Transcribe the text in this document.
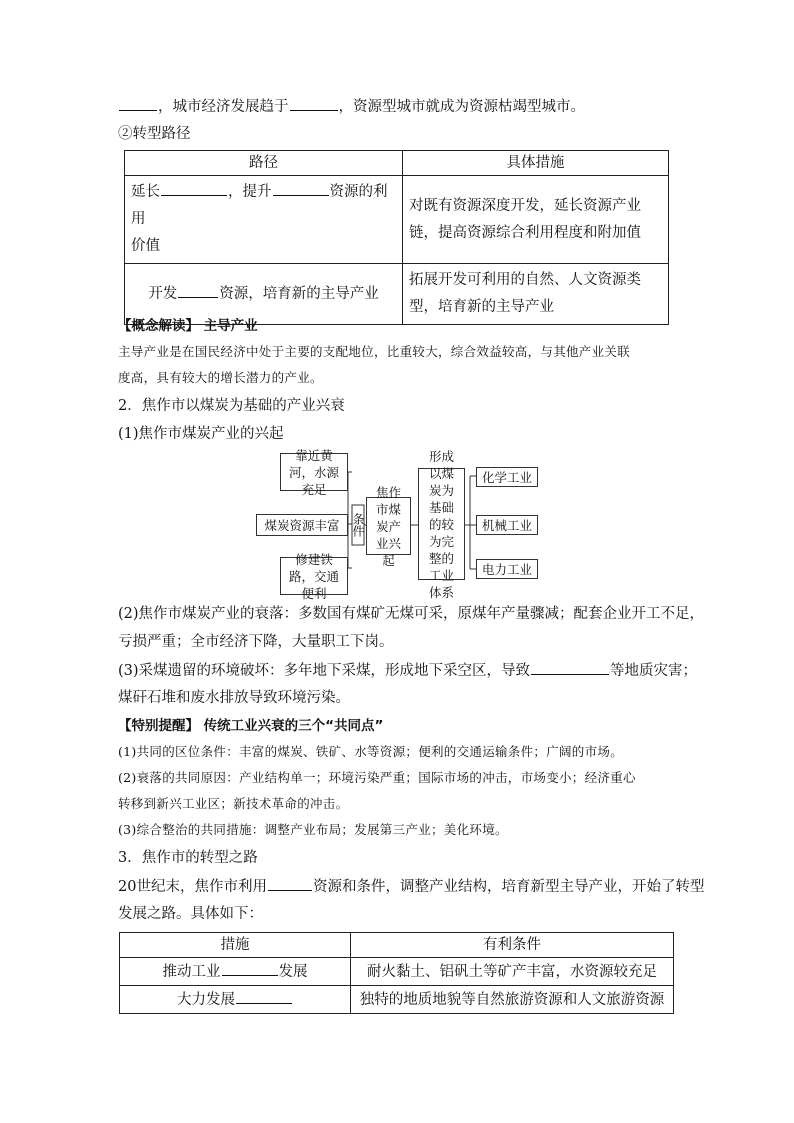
，城市经济发展趋于	，资源型城市就成为资源枯竭型城市。
②转型路径
路径	具体措施
延长 ，提升 资源的利用
价值	对既有资源深度开发，延长资源产业链，提高资源综合利用程度和附加值
开发 资源，培育新的主导产业	拓展开发可利用的自然、人文资源类型，培育新的主导产业
【概念解读】 主导产业
主导产业是在国民经济中处于主要的支配地位，比重较大，综合效益较高，与其他产业关联
度高，具有较大的增长潜力的产业。
2．焦作市以煤炭为基础的产业兴衰
(1)焦作市煤炭产业的兴起
靠近黄河，水源充足
煤炭资源丰富
修建铁路，交通便利
条件
焦作市煤炭产业兴起
形成以煤炭为基础的较为完整的工业体系
化学工业
机械工业
电力工业
(2)焦作市煤炭产业的衰落：多数国有煤矿无煤可采，原煤年产量骤减；配套企业开工不足，
亏损严重；全市经济下降，大量职工下岗。
(3)采煤遗留的环境破坏：多年地下采煤，形成地下采空区，导致	等地质灾害；
煤矸石堆和废水排放导致环境污染。
【特别提醒】 传统工业兴衰的三个“共同点”
(1)共同的区位条件：丰富的煤炭、铁矿、水等资源；便利的交通运输条件；广阔的市场。
(2)衰落的共同原因：产业结构单一；环境污染严重；国际市场的冲击，市场变小；经济重心
转移到新兴工业区；新技术革命的冲击。
(3)综合整治的共同措施：调整产业布局；发展第三产业；美化环境。
3．焦作市的转型之路
20世纪末，焦作市利用	资源和条件，调整产业结构，培育新型主导产业，开始了转型
发展之路。具体如下：
措施	有利条件
推动工业 发展	耐火黏土、铝矾土等矿产丰富，水资源较充足
大力发展	独特的地质地貌等自然旅游资源和人文旅游资源
